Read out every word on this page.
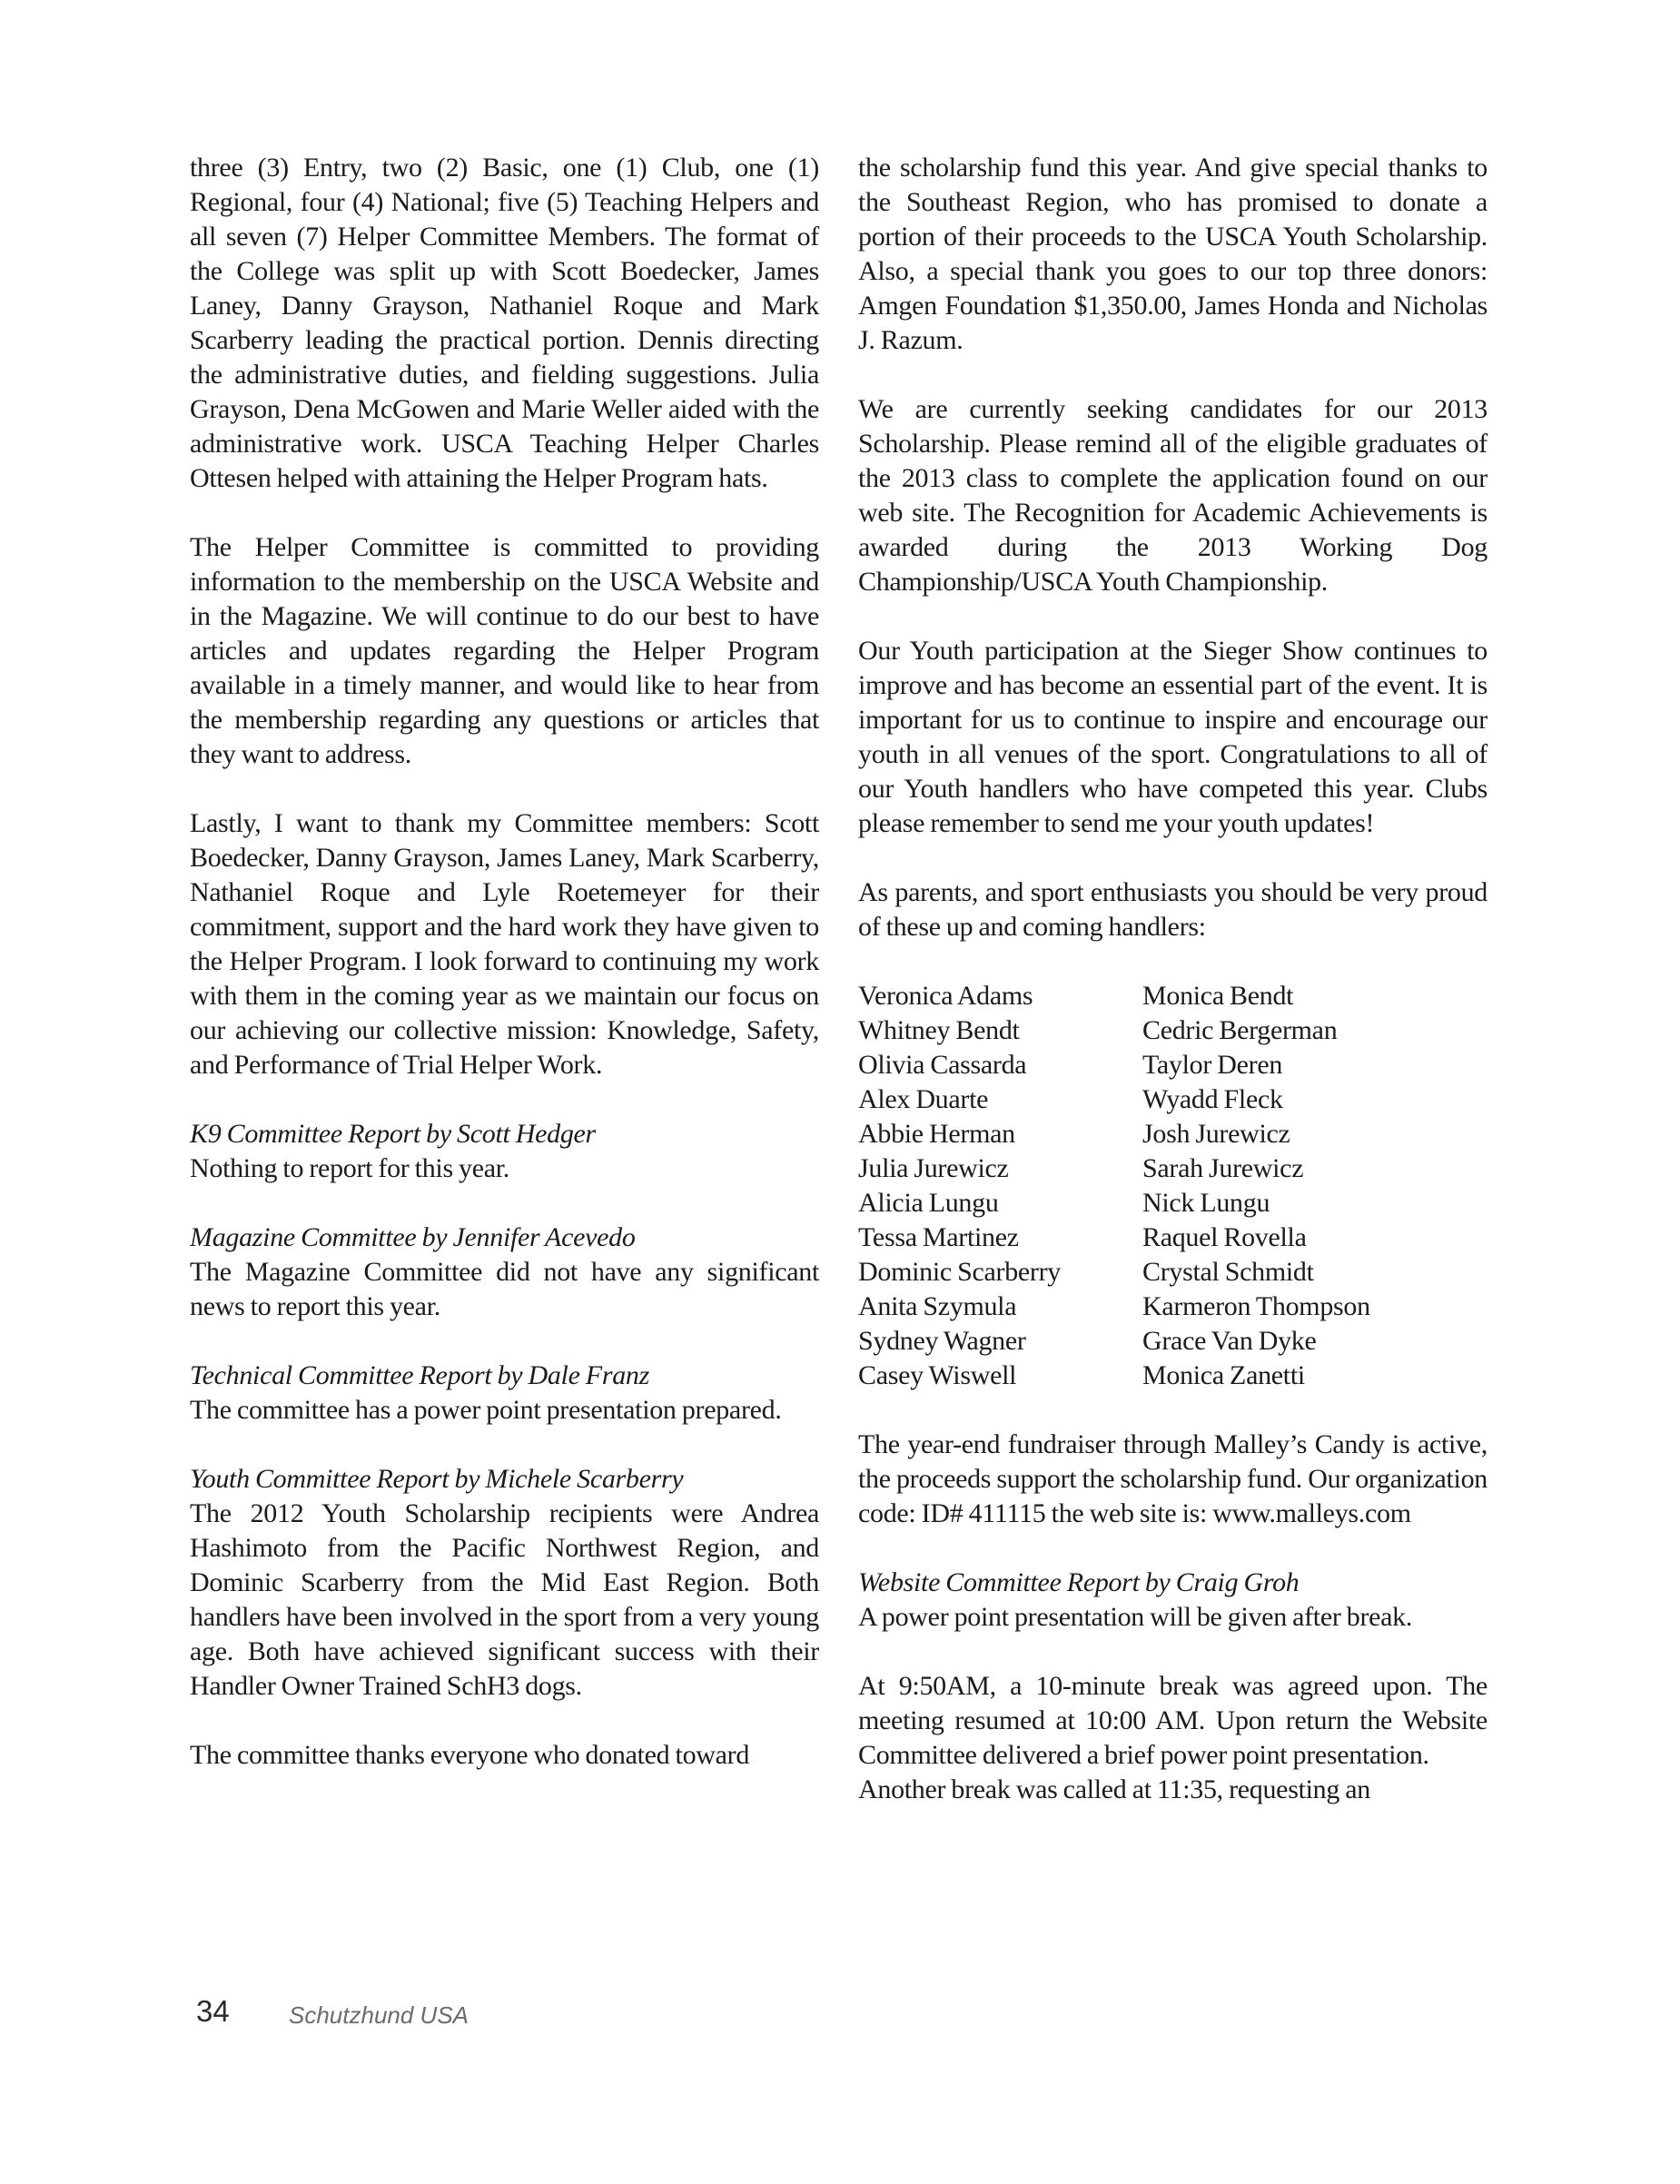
three (3) Entry, two (2) Basic, one (1) Club, one (1) Regional, four (4) National; five (5) Teaching Helpers and all seven (7) Helper Committee Members. The format of the College was split up with Scott Boedecker, James Laney, Danny Grayson, Nathaniel Roque and Mark Scarberry leading the practical portion. Dennis directing the administrative duties, and fielding suggestions. Julia Grayson, Dena McGowen and Marie Weller aided with the administrative work. USCA Teaching Helper Charles Ottesen helped with attaining the Helper Program hats.

The Helper Committee is committed to providing information to the membership on the USCA Website and in the Magazine. We will continue to do our best to have articles and updates regarding the Helper Program available in a timely manner, and would like to hear from the membership regarding any questions or articles that they want to address.

Lastly, I want to thank my Committee members: Scott Boedecker, Danny Grayson, James Laney, Mark Scarberry, Nathaniel Roque and Lyle Roetemeyer for their commitment, support and the hard work they have given to the Helper Program. I look forward to continuing my work with them in the coming year as we maintain our focus on our achieving our collective mission: Knowledge, Safety, and Performance of Trial Helper Work.

K9 Committee Report by Scott Hedger

Nothing to report for this year.

Magazine Committee by Jennifer Acevedo

The Magazine Committee did not have any significant news to report this year.

Technical Committee Report by Dale Franz

The committee has a power point presentation prepared.

Youth Committee Report by Michele Scarberry

The 2012 Youth Scholarship recipients were Andrea Hashimoto from the Pacific Northwest Region, and Dominic Scarberry from the Mid East Region. Both handlers have been involved in the sport from a very young age. Both have achieved significant success with their Handler Owner Trained SchH3 dogs.

The committee thanks everyone who donated toward

the scholarship fund this year. And give special thanks to the Southeast Region, who has promised to donate a portion of their proceeds to the USCA Youth Scholarship. Also, a special thank you goes to our top three donors: Amgen Foundation $1,350.00, James Honda and Nicholas J. Razum.

We are currently seeking candidates for our 2013 Scholarship. Please remind all of the eligible graduates of the 2013 class to complete the application found on our web site. The Recognition for Academic Achievements is awarded during the 2013 Working Dog Championship/USCA Youth Championship.

Our Youth participation at the Sieger Show continues to improve and has become an essential part of the event. It is important for us to continue to inspire and encourage our youth in all venues of the sport. Congratulations to all of our Youth handlers who have competed this year. Clubs please remember to send me your youth updates!

As parents, and sport enthusiasts you should be very proud of these up and coming handlers:

Veronica Adams	Monica Bendt
Whitney Bendt	Cedric Bergerman
Olivia Cassarda	Taylor Deren
Alex Duarte	Wyadd Fleck
Abbie Herman	Josh Jurewicz
Julia Jurewicz	Sarah Jurewicz
Alicia Lungu	Nick Lungu
Tessa Martinez	Raquel Rovella
Dominic Scarberry	Crystal Schmidt
Anita Szymula	Karmeron Thompson
Sydney Wagner	Grace Van Dyke
Casey Wiswell	Monica Zanetti

The year-end fundraiser through Malley’s Candy is active, the proceeds support the scholarship fund. Our organization code: ID# 411115 the web site is: www.malleys.com

Website Committee Report by Craig Groh

A power point presentation will be given after break.

At 9:50AM, a 10-minute break was agreed upon. The meeting resumed at 10:00 AM. Upon return the Website Committee delivered a brief power point presentation.

Another break was called at 11:35, requesting an

34	Schutzhund USA
